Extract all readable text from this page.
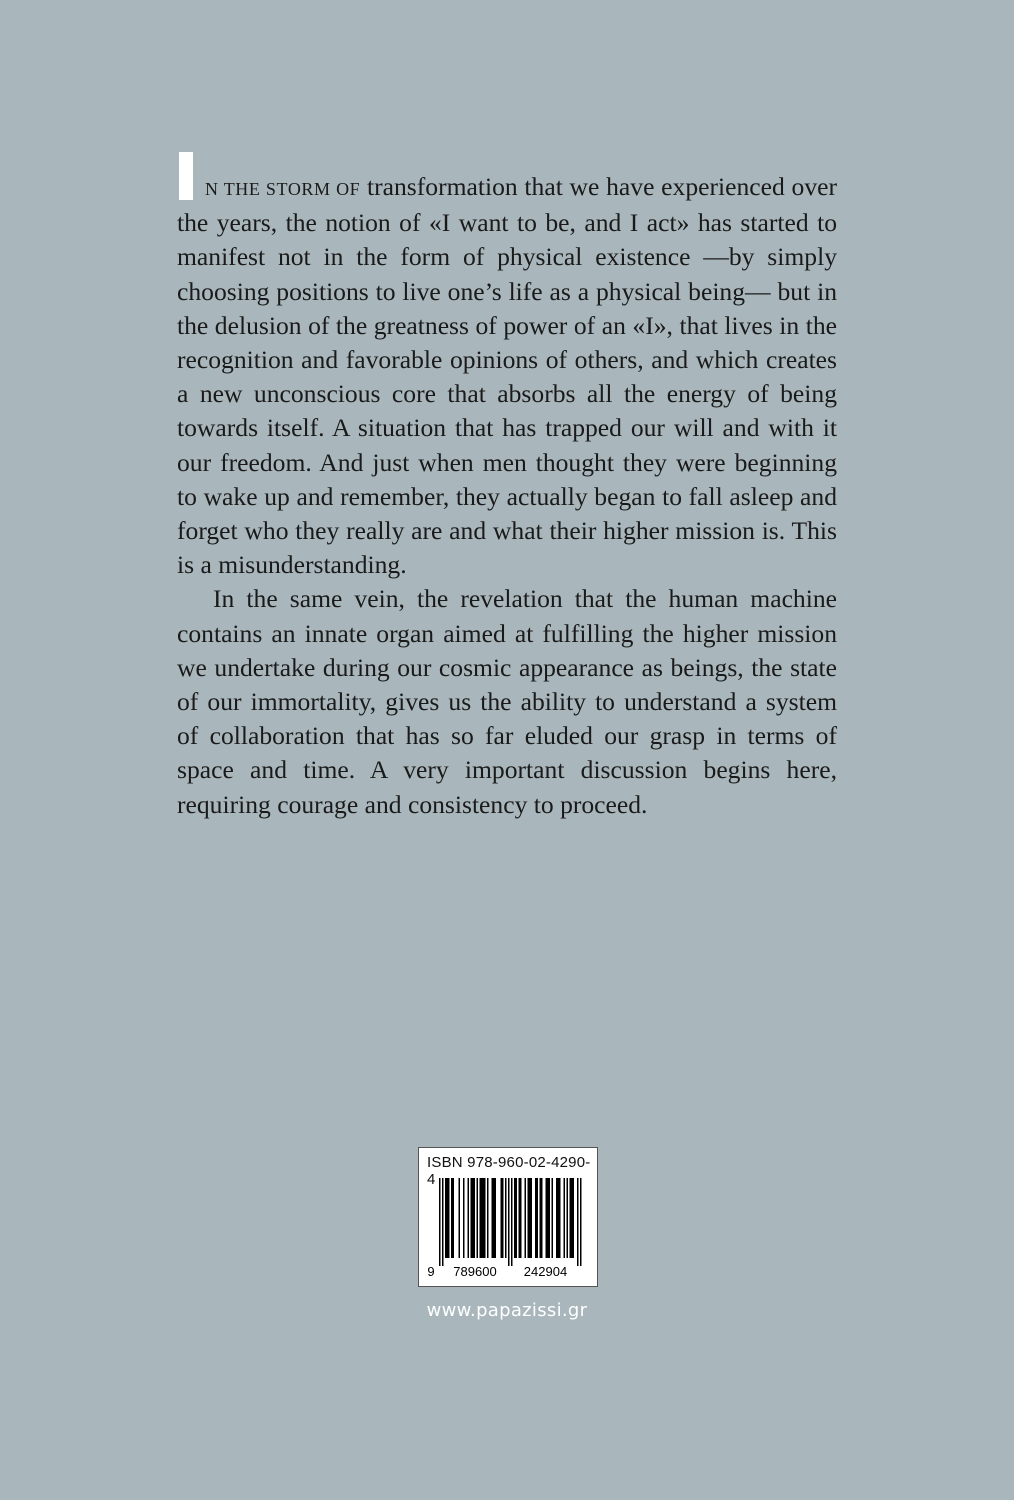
N THE STORM OF transformation that we have experienced over the years, the notion of «I want to be, and I act» has started to manifest not in the form of physical existence —by simply choosing positions to live one’s life as a physical being— but in the delusion of the greatness of power of an «I», that lives in the recognition and favorable opinions of others, and which creates a new unconscious core that absorbs all the energy of being towards itself. A situation that has trapped our will and with it our freedom. And just when men thought they were beginning to wake up and remember, they actually began to fall asleep and forget who they really are and what their higher mission is. This is a misunderstanding.

In the same vein, the revelation that the human machine contains an innate organ aimed at fulfilling the higher mission we undertake during our cosmic appearance as beings, the state of our immortality, gives us the ability to understand a system of collaboration that has so far eluded our grasp in terms of space and time. A very important discussion begins here, requiring courage and consistency to proceed.

ISBN 978-960-02-4290-4
9 789600 242904
www.papazissi.gr
